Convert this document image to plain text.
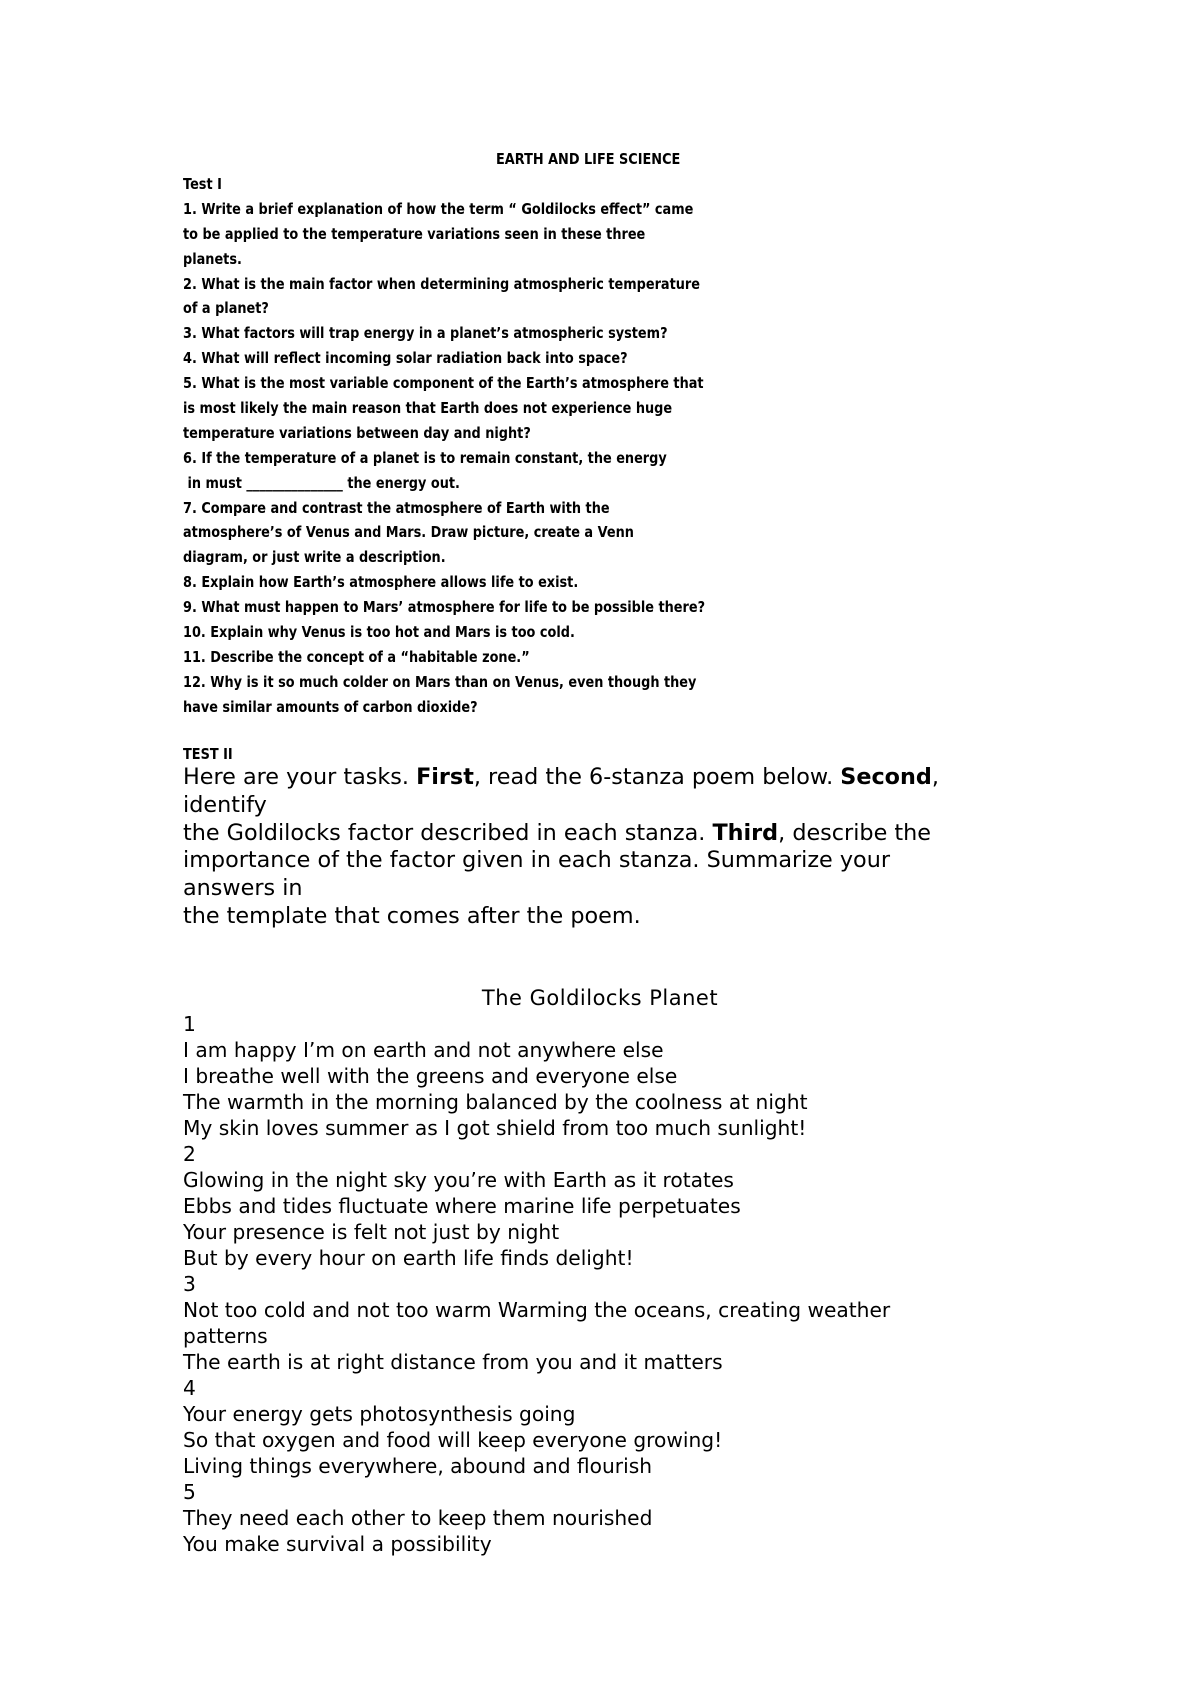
EARTH AND LIFE SCIENCE
Test I
1. Write a brief explanation of how the term “ Goldilocks effect” came
to be applied to the temperature variations seen in these three
planets.
2. What is the main factor when determining atmospheric temperature
of a planet?
3. What factors will trap energy in a planet’s atmospheric system?
4. What will reflect incoming solar radiation back into space?
5. What is the most variable component of the Earth’s atmosphere that
is most likely the main reason that Earth does not experience huge
temperature variations between day and night?
6. If the temperature of a planet is to remain constant, the energy
in must _______________ the energy out.
7. Compare and contrast the atmosphere of Earth with the
atmosphere’s of Venus and Mars. Draw picture, create a Venn
diagram, or just write a description.
8. Explain how Earth’s atmosphere allows life to exist.
9. What must happen to Mars’ atmosphere for life to be possible there?
10. Explain why Venus is too hot and Mars is too cold.
11. Describe the concept of a “habitable zone.”
12. Why is it so much colder on Mars than on Venus, even though they
have similar amounts of carbon dioxide?
TEST II
Here are your tasks. First, read the 6-stanza poem below. Second,
identify
the Goldilocks factor described in each stanza. Third, describe the
importance of the factor given in each stanza. Summarize your
answers in
the template that comes after the poem.
The Goldilocks Planet
1
I am happy I’m on earth and not anywhere else
I breathe well with the greens and everyone else
The warmth in the morning balanced by the coolness at night
My skin loves summer as I got shield from too much sunlight!
2
Glowing in the night sky you’re with Earth as it rotates
Ebbs and tides fluctuate where marine life perpetuates
Your presence is felt not just by night
But by every hour on earth life finds delight!
3
Not too cold and not too warm Warming the oceans, creating weather
patterns
The earth is at right distance from you and it matters
4
Your energy gets photosynthesis going
So that oxygen and food will keep everyone growing!
Living things everywhere, abound and flourish
5
They need each other to keep them nourished
You make survival a possibility
